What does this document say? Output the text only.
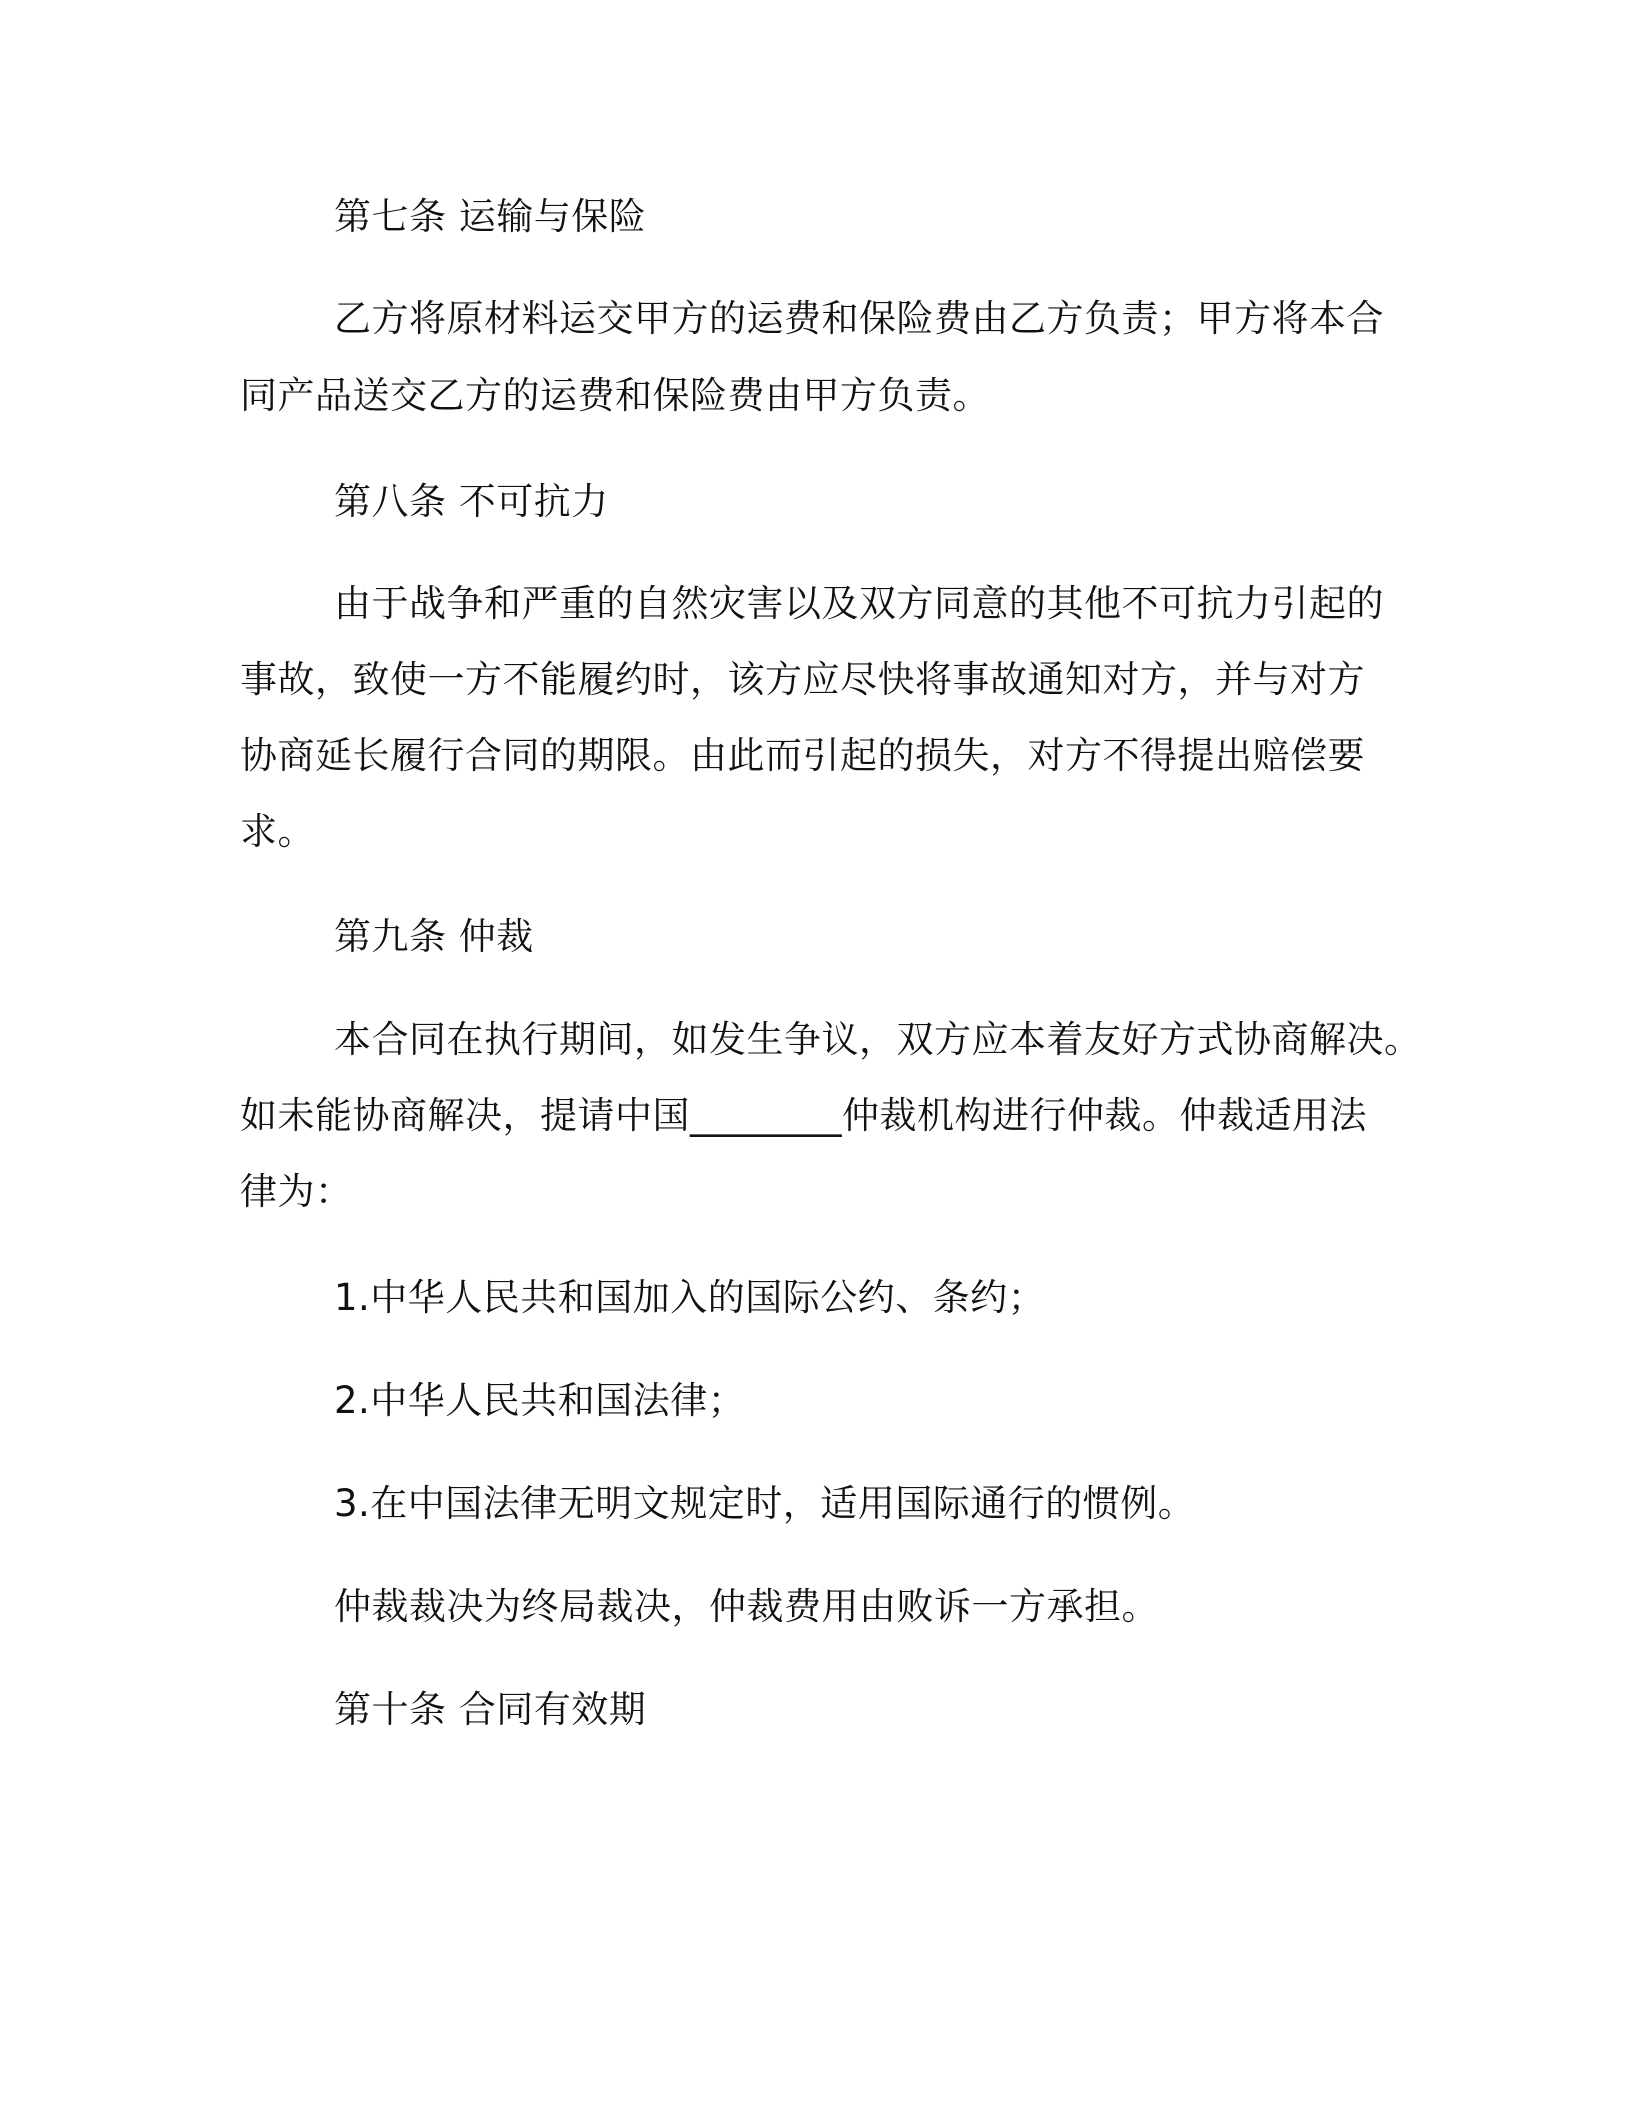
第七条 运输与保险
乙方将原材料运交甲方的运费和保险费由乙方负责；甲方将本合
同产品送交乙方的运费和保险费由甲方负责。
第八条 不可抗力
由于战争和严重的自然灾害以及双方同意的其他不可抗力引起的
事故，致使一方不能履约时，该方应尽快将事故通知对方，并与对方
协商延长履行合同的期限。由此而引起的损失，对方不得提出赔偿要
求。
第九条 仲裁
本合同在执行期间，如发生争议，双方应本着友好方式协商解决。
如未能协商解决，提请中国________仲裁机构进行仲裁。仲裁适用法
律为：
1.中华人民共和国加入的国际公约、条约；
2.中华人民共和国法律；
3.在中国法律无明文规定时，适用国际通行的惯例。
仲裁裁决为终局裁决，仲裁费用由败诉一方承担。
第十条 合同有效期
